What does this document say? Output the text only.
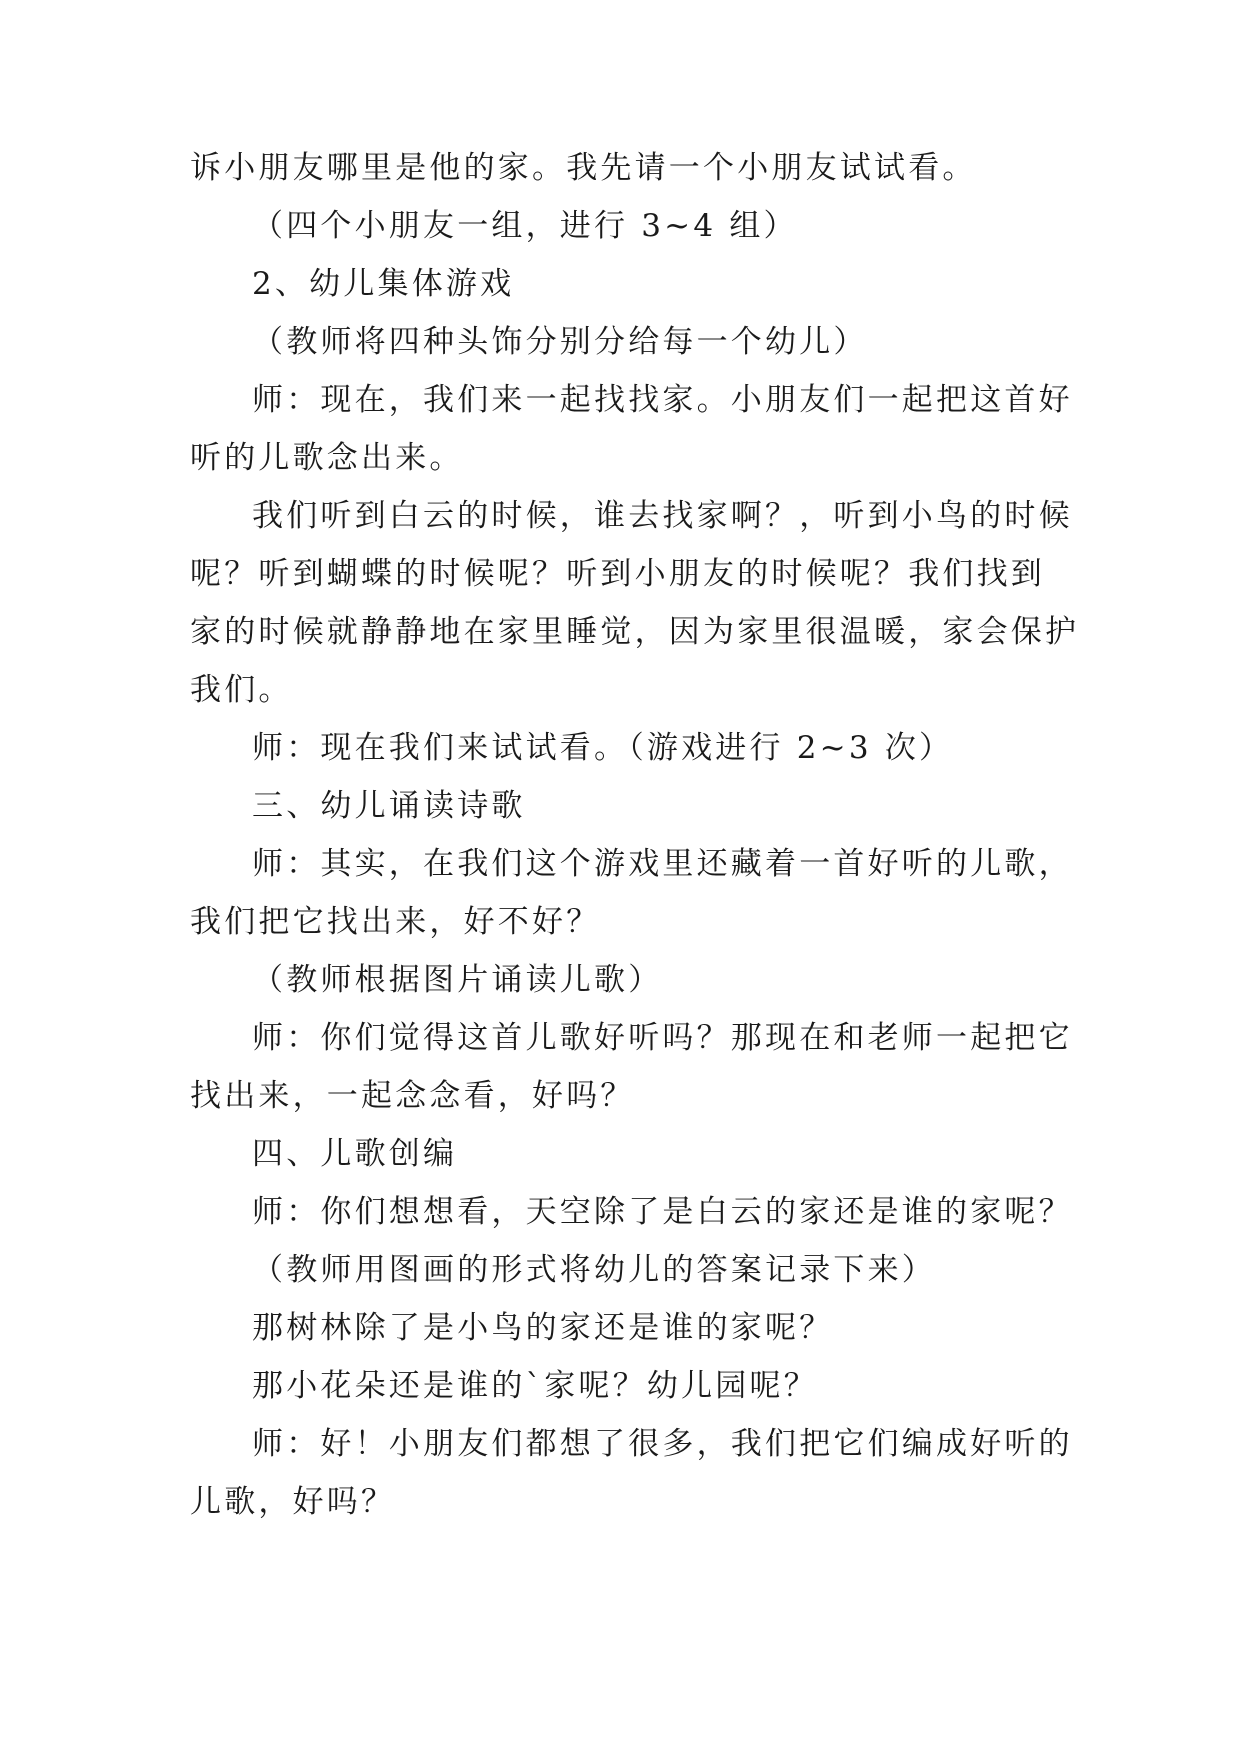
诉小朋友哪里是他的家。我先请一个小朋友试试看。
（四个小朋友一组，进行 3~4 组）
2、幼儿集体游戏
（教师将四种头饰分别分给每一个幼儿）
师：现在，我们来一起找找家。小朋友们一起把这首好
听的儿歌念出来。
我们听到白云的时候，谁去找家啊？，听到小鸟的时候
呢？听到蝴蝶的时候呢？听到小朋友的时候呢？我们找到
家的时候就静静地在家里睡觉，因为家里很温暖，家会保护
我们。
师：现在我们来试试看。（游戏进行 2~3 次）
三、幼儿诵读诗歌
师：其实，在我们这个游戏里还藏着一首好听的儿歌，
我们把它找出来，好不好？
（教师根据图片诵读儿歌）
师：你们觉得这首儿歌好听吗？那现在和老师一起把它
找出来，一起念念看，好吗？
四、儿歌创编
师：你们想想看，天空除了是白云的家还是谁的家呢？
（教师用图画的形式将幼儿的答案记录下来）
那树林除了是小鸟的家还是谁的家呢？
那小花朵还是谁的`家呢？幼儿园呢？
师：好！小朋友们都想了很多，我们把它们编成好听的
儿歌，好吗？
